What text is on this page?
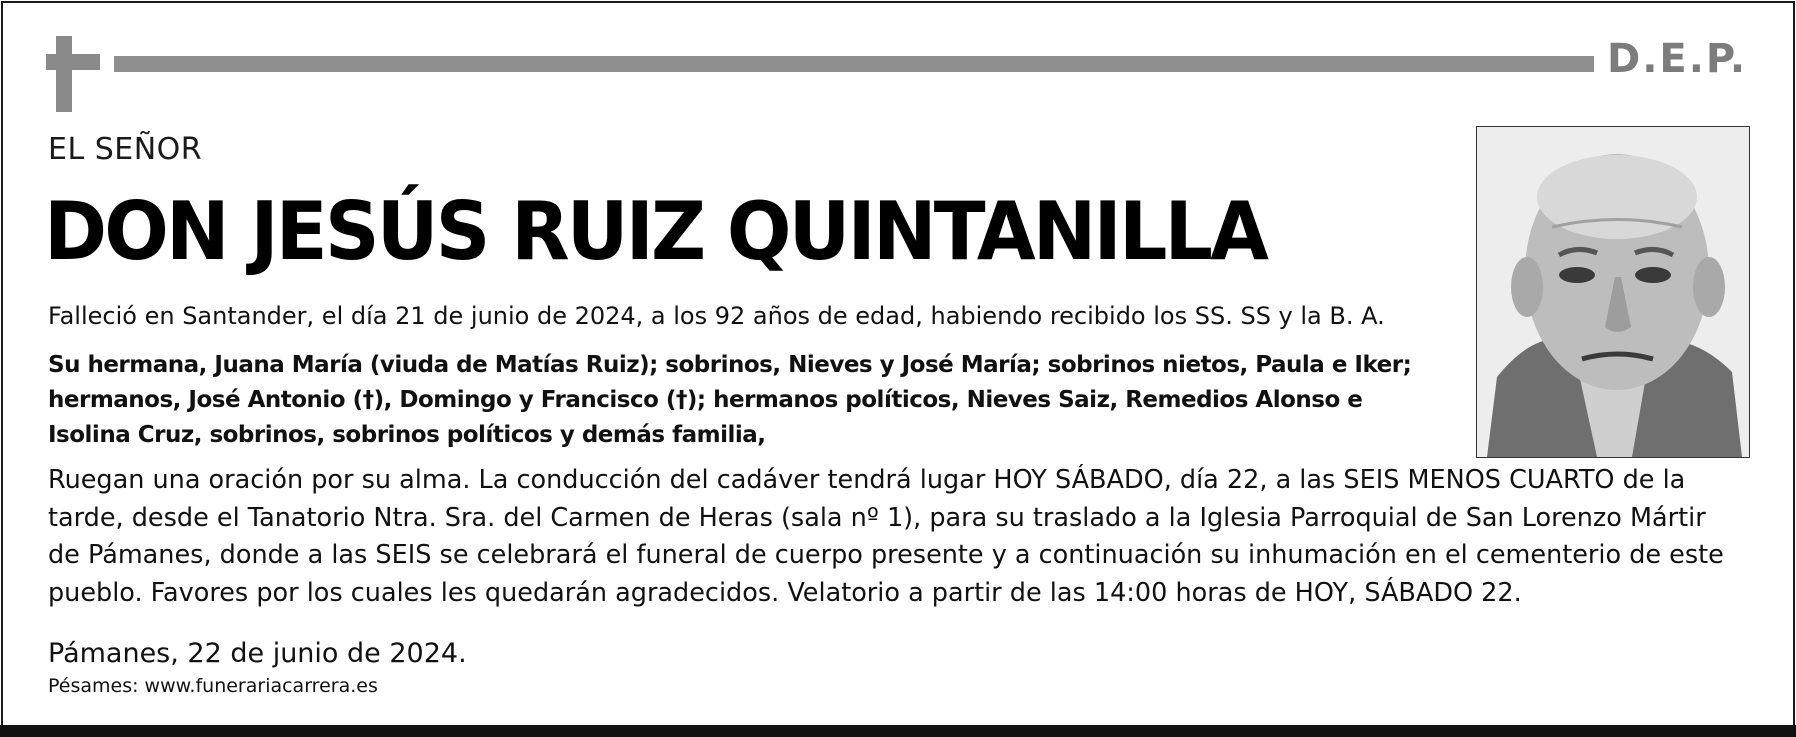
D.E.P.
EL SEÑOR
DON JESÚS RUIZ QUINTANILLA
Falleció en Santander, el día 21 de junio de 2024, a los 92 años de edad, habiendo recibido los SS. SS y la B. A.
Su hermana, Juana María (viuda de Matías Ruiz); sobrinos, Nieves y José María; sobrinos nietos, Paula e Iker;
hermanos, José Antonio (†), Domingo y Francisco (†); hermanos políticos, Nieves Saiz, Remedios Alonso e
Isolina Cruz, sobrinos, sobrinos políticos y demás familia,
Ruegan una oración por su alma. La conducción del cadáver tendrá lugar HOY SÁBADO, día 22, a las SEIS MENOS CUARTO de la
tarde, desde el Tanatorio Ntra. Sra. del Carmen de Heras (sala nº 1), para su traslado a la Iglesia Parroquial de San Lorenzo Mártir
de Pámanes, donde a las SEIS se celebrará el funeral de cuerpo presente y a continuación su inhumación en el cementerio de este
pueblo. Favores por los cuales les quedarán agradecidos. Velatorio a partir de las 14:00 horas de HOY, SÁBADO 22.
Pámanes, 22 de junio de 2024.
Pésames: www.funerariacarrera.es
